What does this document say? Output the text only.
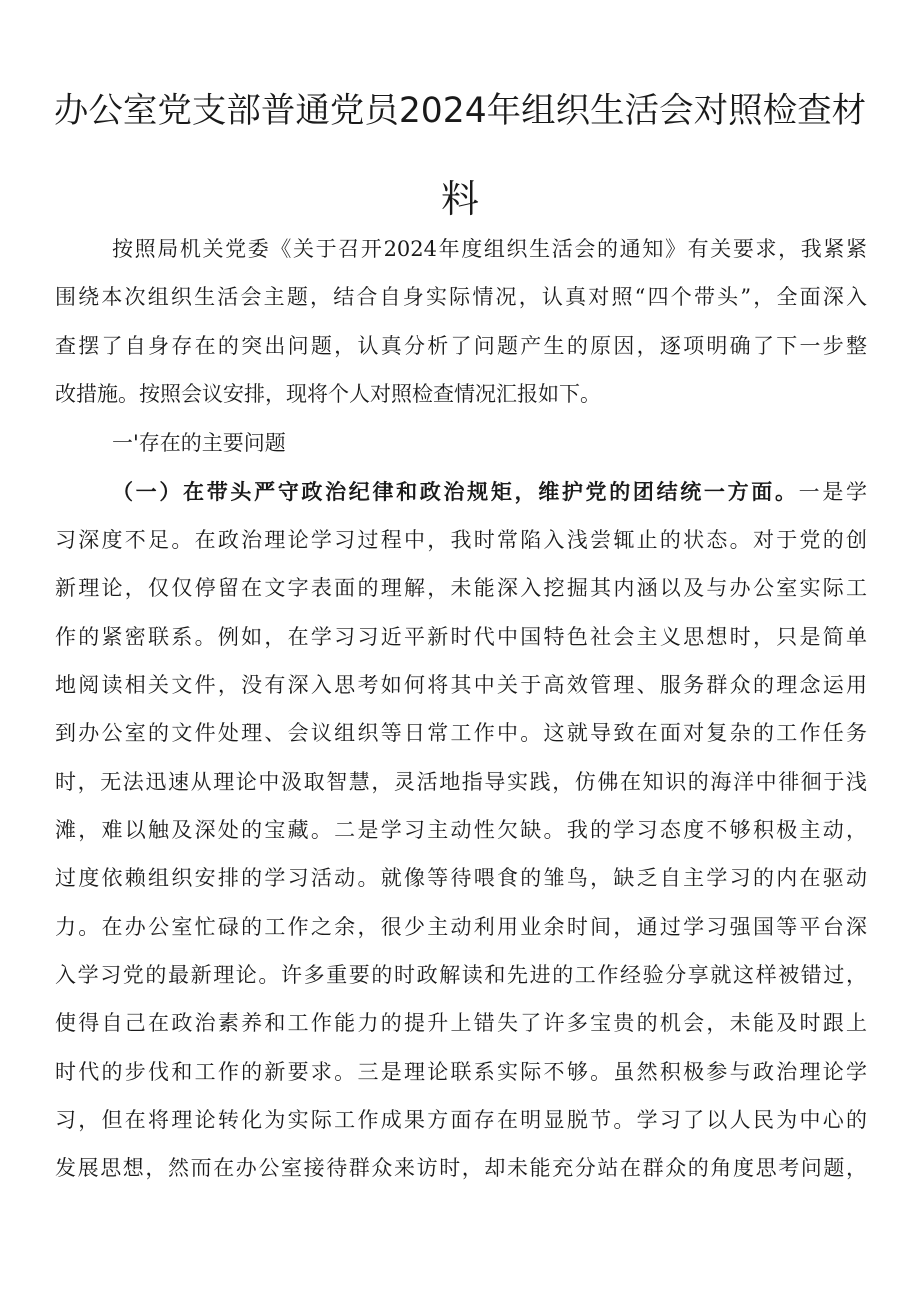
办公室党支部普通党员2024年组织生活会对照检查材
料
按照局机关党委《关于召开2024年度组织生活会的通知》有关要求，我紧紧
围绕本次组织生活会主题，结合自身实际情况，认真对照“四个带头”，全面深入
查摆了自身存在的突出问题，认真分析了问题产生的原因，逐项明确了下一步整
改措施。按照会议安排，现将个人对照检查情况汇报如下。
一'存在的主要问题
（一）在带头严守政治纪律和政治规矩，维护党的团结统一方面。一是学
习深度不足。在政治理论学习过程中，我时常陷入浅尝辄止的状态。对于党的创
新理论，仅仅停留在文字表面的理解，未能深入挖掘其内涵以及与办公室实际工
作的紧密联系。例如，在学习习近平新时代中国特色社会主义思想时，只是简单
地阅读相关文件，没有深入思考如何将其中关于高效管理、服务群众的理念运用
到办公室的文件处理、会议组织等日常工作中。这就导致在面对复杂的工作任务
时，无法迅速从理论中汲取智慧，灵活地指导实践，仿佛在知识的海洋中徘徊于浅
滩，难以触及深处的宝藏。二是学习主动性欠缺。我的学习态度不够积极主动，
过度依赖组织安排的学习活动。就像等待喂食的雏鸟，缺乏自主学习的内在驱动
力。在办公室忙碌的工作之余，很少主动利用业余时间，通过学习强国等平台深
入学习党的最新理论。许多重要的时政解读和先进的工作经验分享就这样被错过，
使得自己在政治素养和工作能力的提升上错失了许多宝贵的机会，未能及时跟上
时代的步伐和工作的新要求。三是理论联系实际不够。虽然积极参与政治理论学
习，但在将理论转化为实际工作成果方面存在明显脱节。学习了以人民为中心的
发展思想，然而在办公室接待群众来访时，却未能充分站在群众的角度思考问题，
